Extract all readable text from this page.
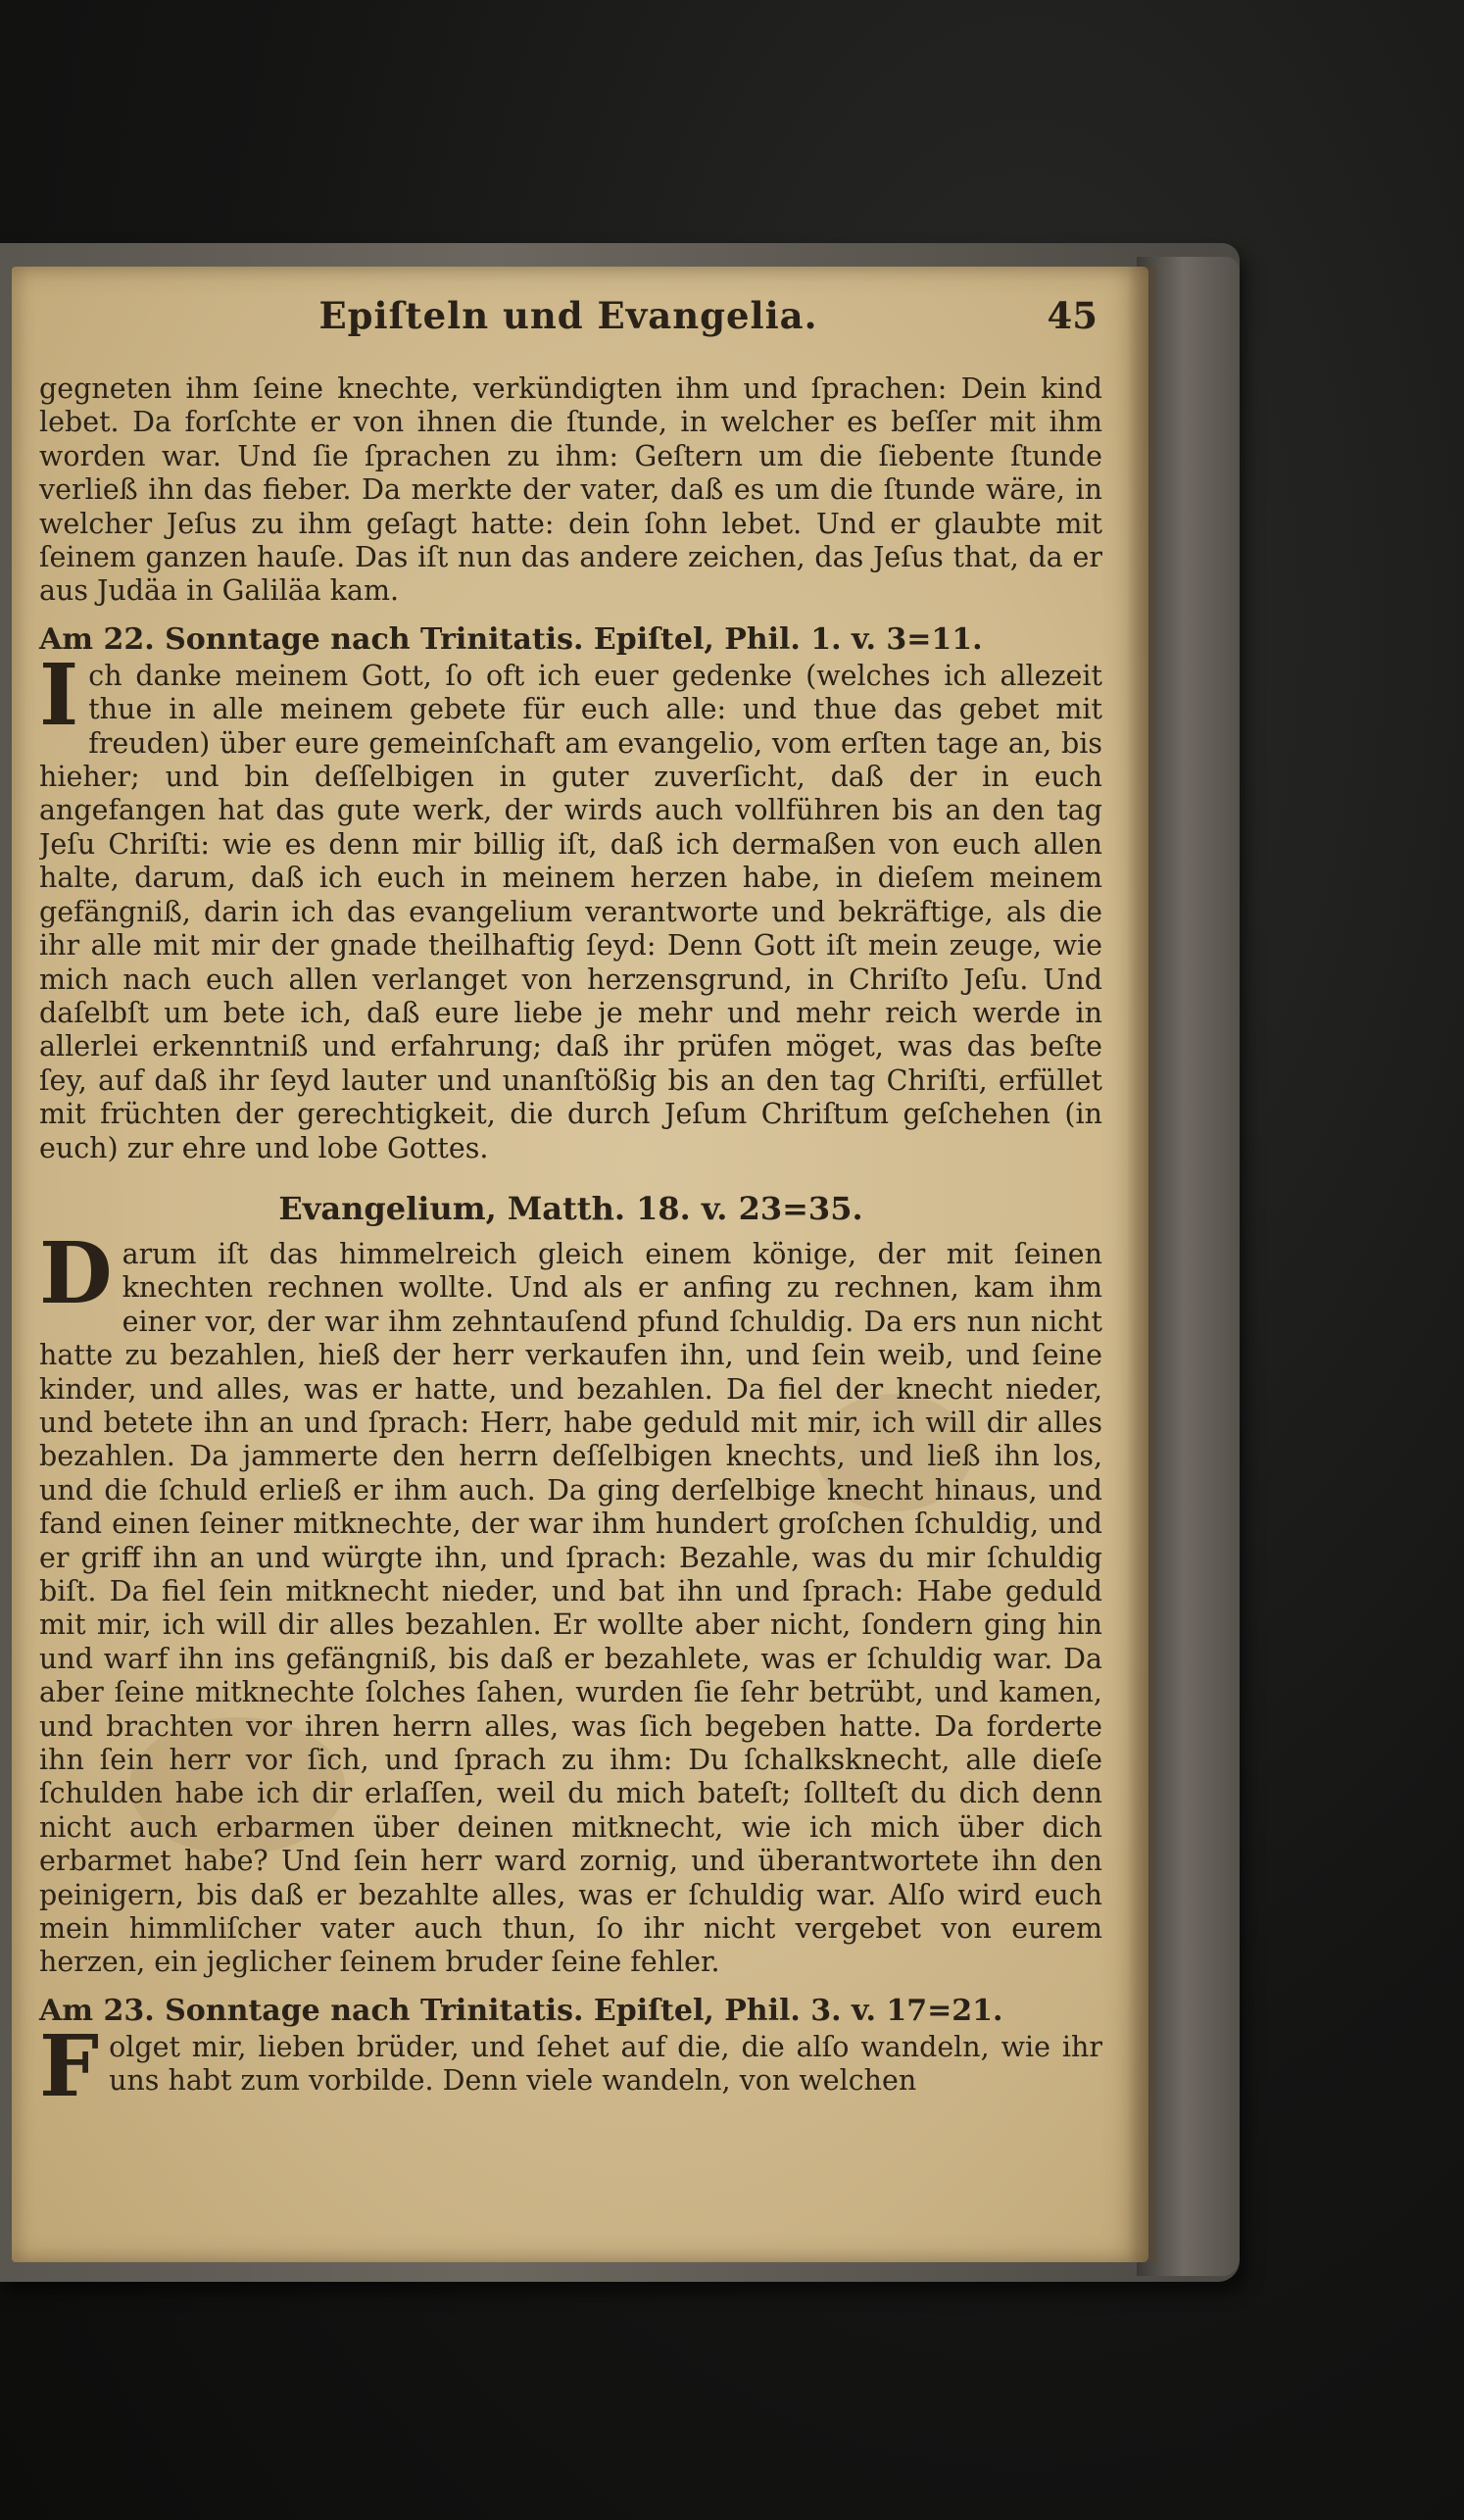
Epiſteln und Evangelia.	45

gegneten ihm ſeine knechte, verkündigten ihm und ſprachen: Dein kind lebet. Da forſchte er von ihnen die ſtunde, in welcher es beſſer mit ihm worden war. Und ſie ſprachen zu ihm: Geſtern um die ſiebente ſtunde verließ ihn das fieber. Da merkte der vater, daß es um die ſtunde wäre, in welcher Jeſus zu ihm geſagt hatte: dein ſohn lebet. Und er glaubte mit ſeinem ganzen hauſe. Das iſt nun das andere zeichen, das Jeſus that, da er aus Judäa in Galiläa kam.

Am 22. Sonntage nach Trinitatis. Epiſtel, Phil. 1. v. 3=11.
I ch danke meinem Gott, ſo oft ich euer gedenke (welches ich allezeit thue in alle meinem gebete für euch alle: und thue das gebet mit freuden) über eure gemeinſchaft am evangelio, vom erſten tage an, bis hieher; und bin deſſelbigen in guter zuverſicht, daß der in euch angefangen hat das gute werk, der wirds auch vollführen bis an den tag Jeſu Chriſti: wie es denn mir billig iſt, daß ich dermaßen von euch allen halte, darum, daß ich euch in meinem herzen habe, in dieſem meinem gefängniß, darin ich das evangelium verantworte und bekräftige, als die ihr alle mit mir der gnade theilhaftig ſeyd: Denn Gott iſt mein zeuge, wie mich nach euch allen verlanget von herzensgrund, in Chriſto Jeſu. Und daſelbſt um bete ich, daß eure liebe je mehr und mehr reich werde in allerlei erkenntniß und erfahrung; daß ihr prüfen möget, was das beſte ſey, auf daß ihr ſeyd lauter und unanſtößig bis an den tag Chriſti, erfüllet mit früchten der gerechtigkeit, die durch Jeſum Chriſtum geſchehen (in euch) zur ehre und lobe Gottes.
Evangelium, Matth. 18. v. 23=35.
D arum iſt das himmelreich gleich einem könige, der mit ſeinen knechten rechnen wollte. Und als er anfing zu rechnen, kam ihm einer vor, der war ihm zehntauſend pfund ſchuldig. Da ers nun nicht hatte zu bezahlen, hieß der herr verkaufen ihn, und ſein weib, und ſeine kinder, und alles, was er hatte, und bezahlen. Da fiel der knecht nieder, und betete ihn an und ſprach: Herr, habe geduld mit mir, ich will dir alles bezahlen. Da jammerte den herrn deſſelbigen knechts, und ließ ihn los, und die ſchuld erließ er ihm auch. Da ging derſelbige knecht hinaus, und fand einen ſeiner mitknechte, der war ihm hundert groſchen ſchuldig, und er griff ihn an und würgte ihn, und ſprach: Bezahle, was du mir ſchuldig biſt. Da fiel ſein mitknecht nieder, und bat ihn und ſprach: Habe geduld mit mir, ich will dir alles bezahlen. Er wollte aber nicht, ſondern ging hin und warf ihn ins gefängniß, bis daß er bezahlete, was er ſchuldig war. Da aber ſeine mitknechte ſolches ſahen, wurden ſie ſehr betrübt, und kamen, und brachten vor ihren herrn alles, was ſich begeben hatte. Da forderte ihn ſein herr vor ſich, und ſprach zu ihm: Du ſchalksknecht, alle dieſe ſchulden habe ich dir erlaſſen, weil du mich bateſt; ſollteſt du dich denn nicht auch erbarmen über deinen mitknecht, wie ich mich über dich erbarmet habe? Und ſein herr ward zornig, und überantwortete ihn den peinigern, bis daß er bezahlte alles, was er ſchuldig war. Alſo wird euch mein himmliſcher vater auch thun, ſo ihr nicht vergebet von eurem herzen, ein jeglicher ſeinem bruder ſeine fehler.
Am 23. Sonntage nach Trinitatis. Epiſtel, Phil. 3. v. 17=21.
F olget mir, lieben brüder, und ſehet auf die, die alſo wandeln, wie ihr uns habt zum vorbilde. Denn viele wandeln, von welchen
